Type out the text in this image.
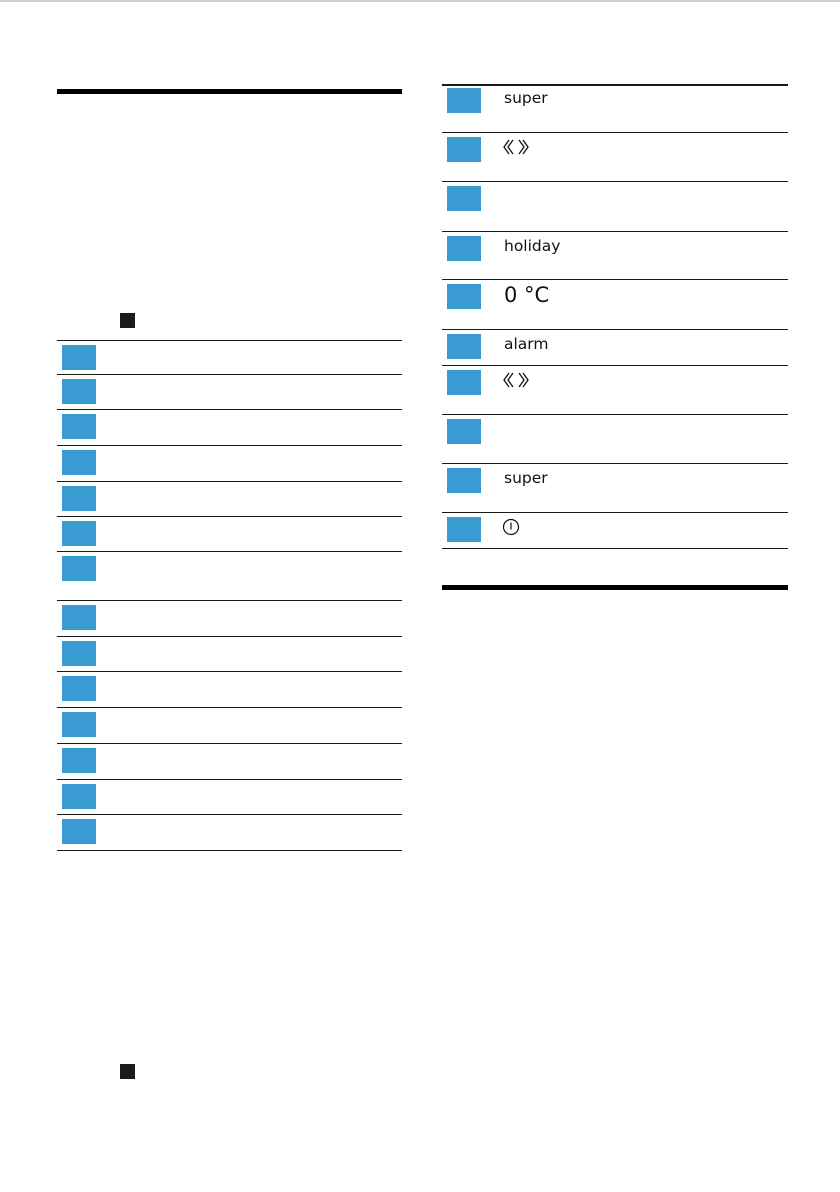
super
holiday
0 °C
alarm
super
